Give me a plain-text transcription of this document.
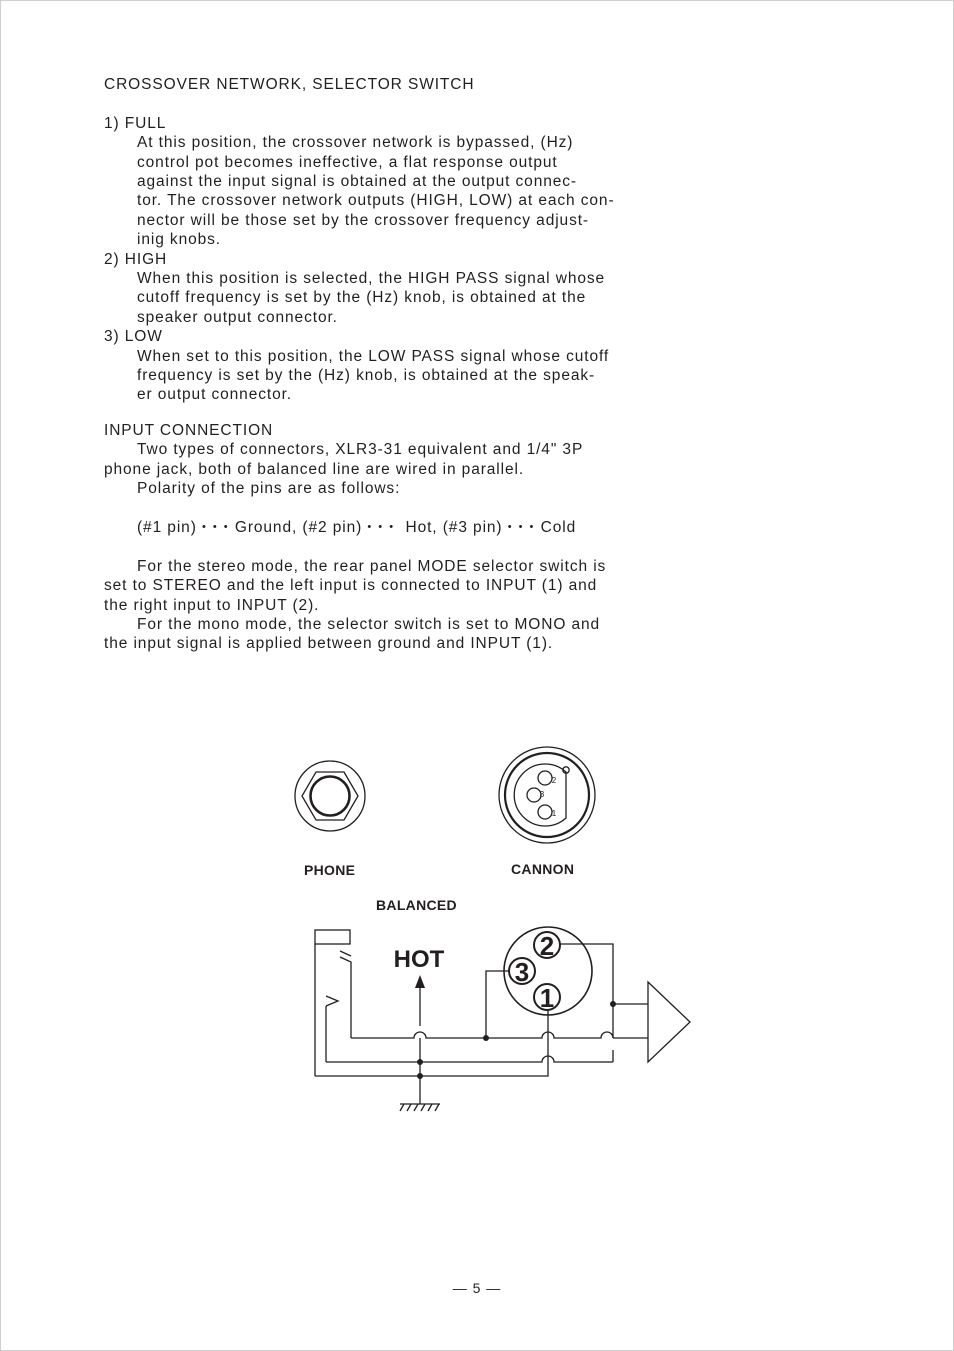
CROSSOVER NETWORK, SELECTOR SWITCH
1) FULL
At this position, the crossover network is bypassed, (Hz)
control pot becomes ineffective, a flat response output
against the input signal is obtained at the output connec-
tor. The crossover network outputs (HIGH, LOW) at each con-
nector will be those set by the crossover frequency adjust-
inig knobs.
2) HIGH
When this position is selected, the HIGH PASS signal whose
cutoff frequency is set by the (Hz) knob, is obtained at the
speaker output connector.
3) LOW
When set to this position, the LOW PASS signal whose cutoff
frequency is set by the (Hz) knob, is obtained at the speak-
er output connector.
INPUT CONNECTION
Two types of connectors, XLR3-31 equivalent and 1/4" 3P
phone jack, both of balanced line are wired in parallel.
Polarity of the pins are as follows:
(#1 pin) • • • Ground, (#2 pin) • • • Hot, (#3 pin) • • • Cold
For the stereo mode, the rear panel MODE selector switch is
set to STEREO and the left input is connected to INPUT (1) and
the right input to INPUT (2).
For the mono mode, the selector switch is set to MONO and
the input signal is applied between ground and INPUT (1).
2
3
1
HOT
2
3
1
PHONE	CANNON
BALANCED
— 5 —
